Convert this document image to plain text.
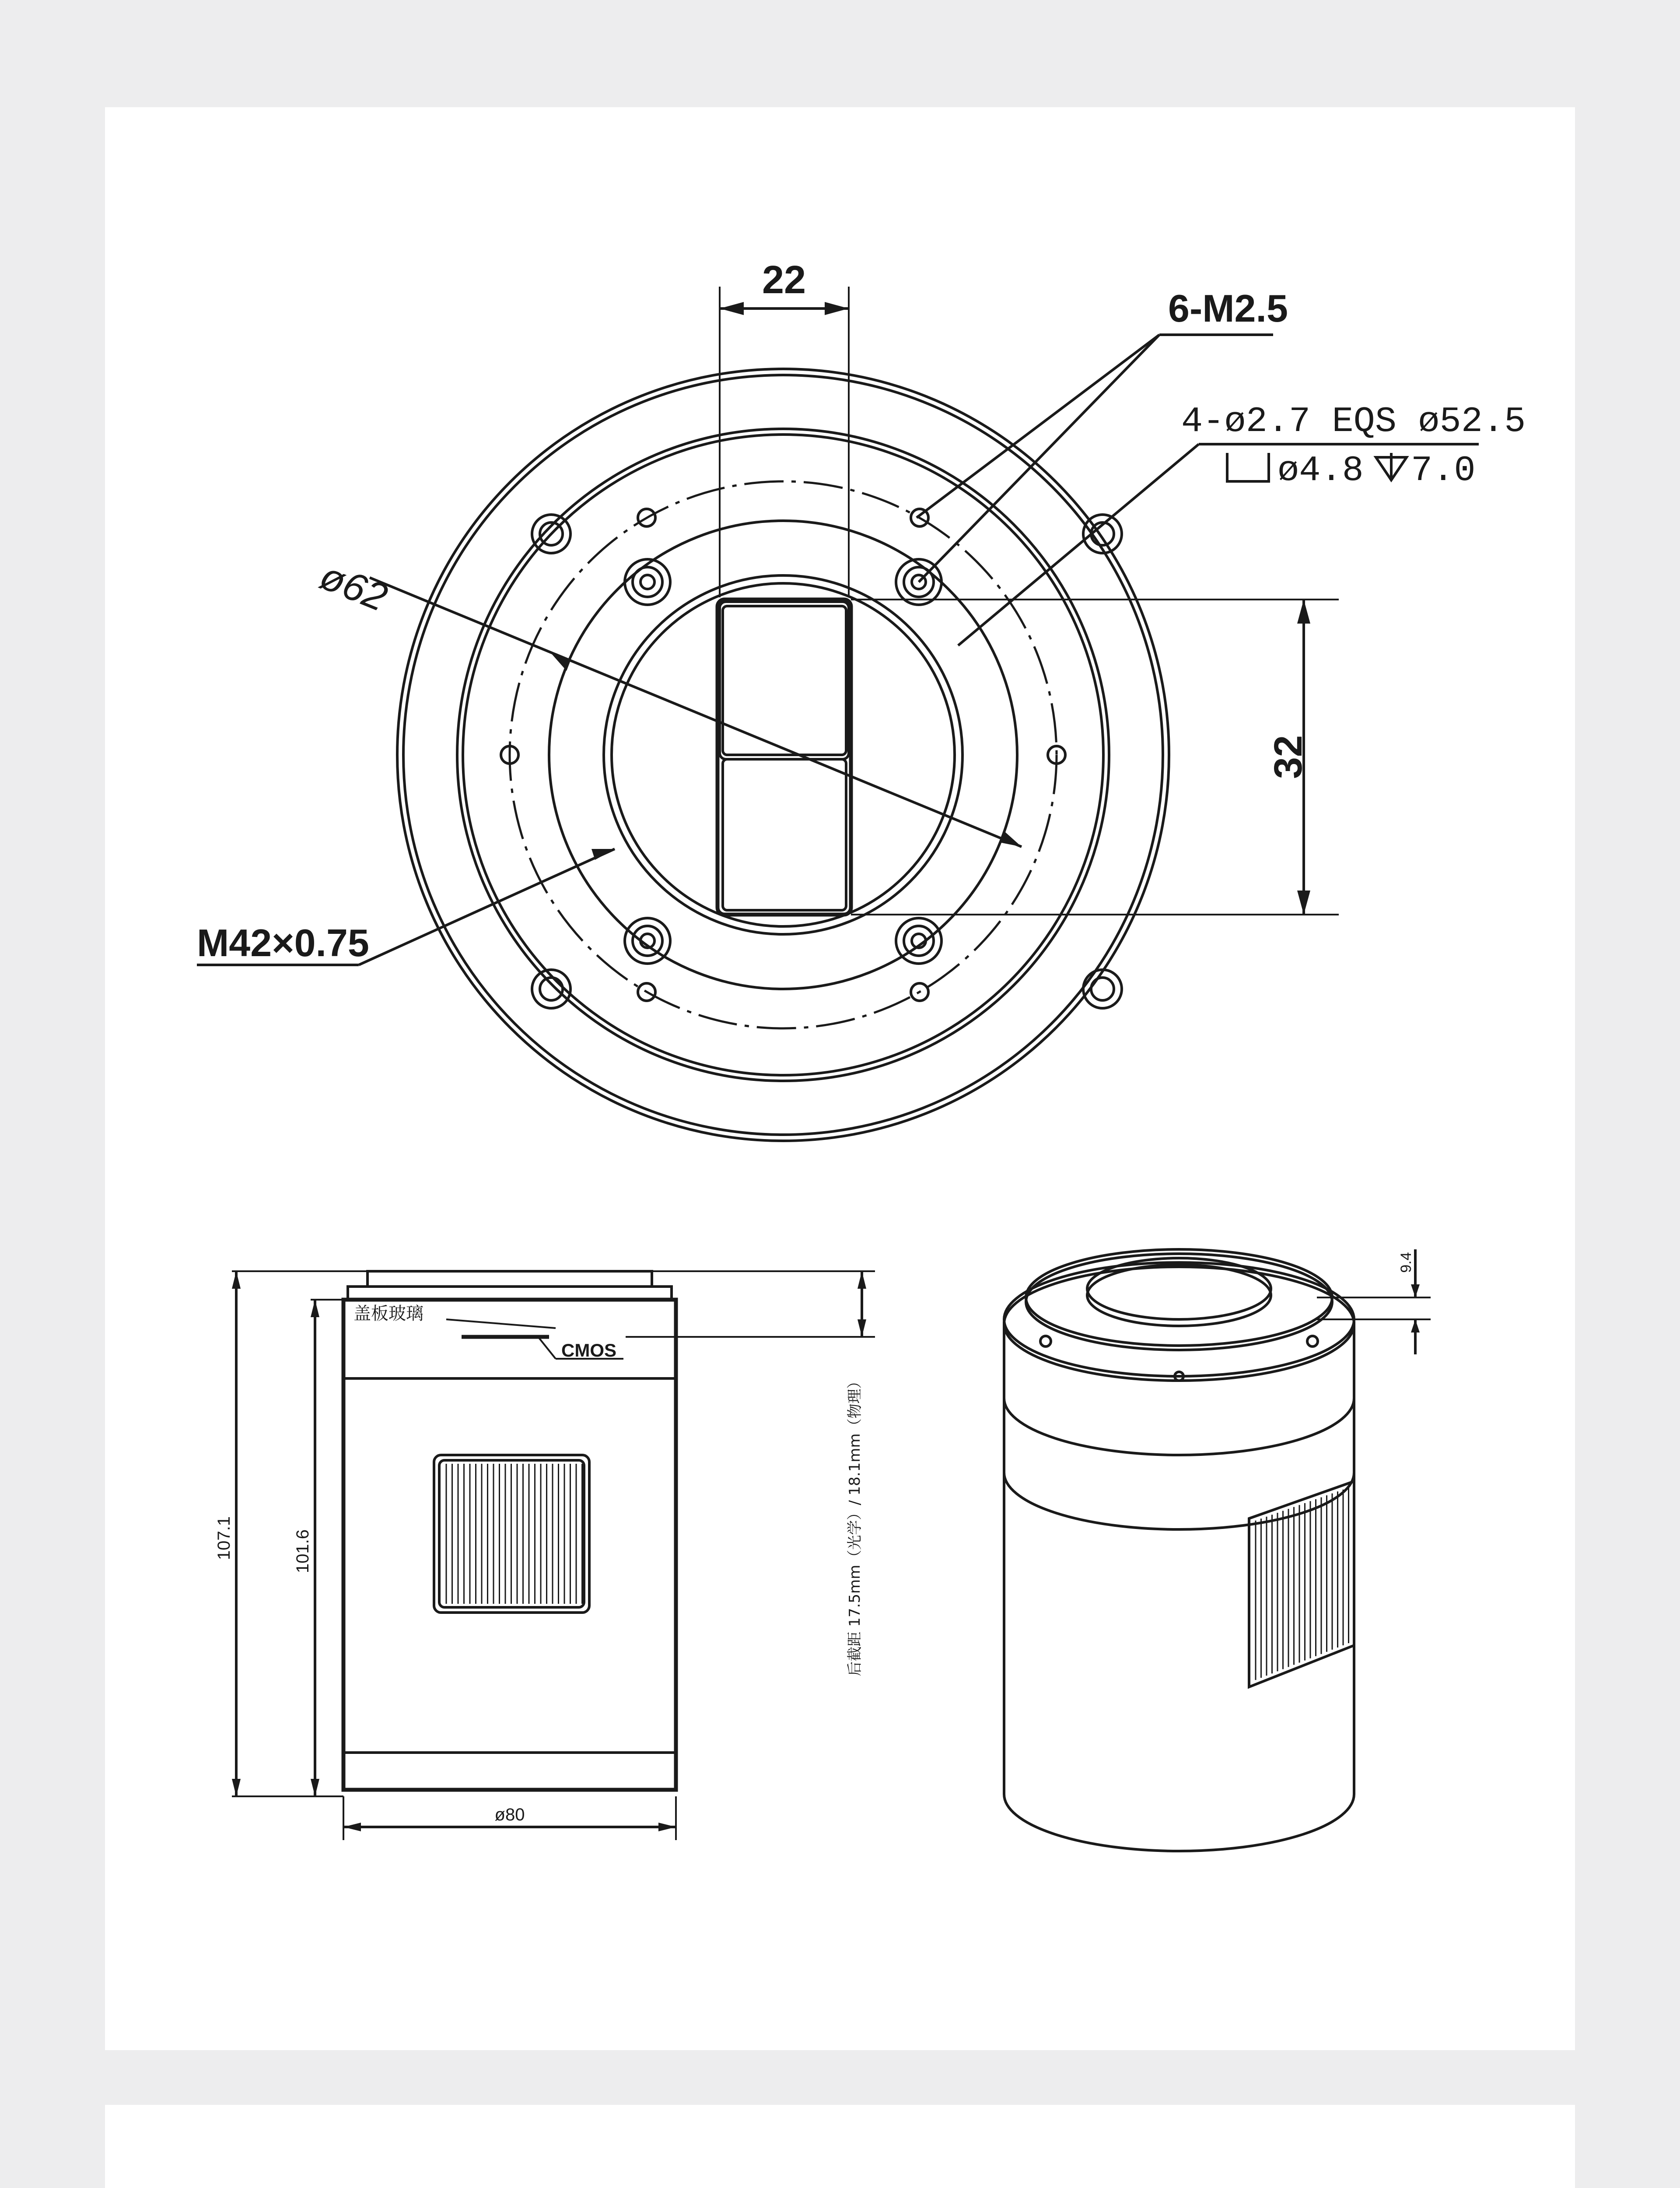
22
32
ø62
M42×0.75
6-M2.5
4-ø2.7 EQS ø52.5
ø4.8 7.0
盖板玻璃
CMOS
107.1	101.6	后截距 17.5mm（光学）/ 18.1mm（物理）
ø80
9.4
